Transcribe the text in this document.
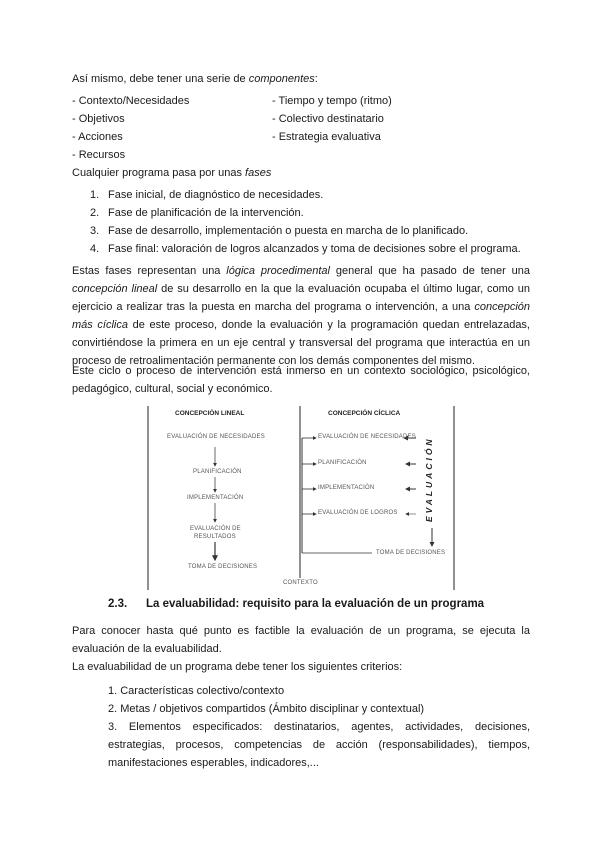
Así mismo, debe tener una serie de componentes:

- Contexto/Necesidades
- Objetivos
- Acciones
- Recursos
- Tiempo y tempo (ritmo)
- Colectivo destinatario
- Estrategia evaluativa

Cualquier programa pasa por unas fases

1. Fase inicial, de diagnóstico de necesidades.
2. Fase de planificación de la intervención.
3. Fase de desarrollo, implementación o puesta en marcha de lo planificado.
4. Fase final: valoración de logros alcanzados y toma de decisiones sobre el programa.

Estas fases representan una lógica procedimental general que ha pasado de tener una concepción lineal de su desarrollo en la que la evaluación ocupaba el último lugar, como un ejercicio a realizar tras la puesta en marcha del programa o intervención, a una concepción más cíclica de este proceso, donde la evaluación y la programación quedan entrelazadas, convirtiéndose la primera en un eje central y transversal del programa que interactúa en un proceso de retroalimentación permanente con los demás componentes del mismo.

Este ciclo o proceso de intervención está inmerso en un contexto sociológico, psicológico, pedagógico, cultural, social y económico.

CONCEPCIÓN LINEAL
EVALUACIÓN DE NECESIDADES
PLANIFICACIÓN
IMPLEMENTACIÓN
EVALUACIÓN DE
RESULTADOS
TOMA DE DECISIONES
CONCEPCIÓN CÍCLICA
EVALUACIÓN DE NECESIDADES
PLANIFICACIÓN
IMPLEMENTACIÓN
EVALUACIÓN DE LOGROS
TOMA DE DECISIONES
EVALUACIÓN
CONTEXTO
2.3. La evaluabilidad: requisito para la evaluación de un programa

Para conocer hasta qué punto es factible la evaluación de un programa, se ejecuta la evaluación de la evaluabilidad.

La evaluabilidad de un programa debe tener los siguientes criterios:

1. Características colectivo/contexto
2. Metas / objetivos compartidos (Ámbito disciplinar y contextual)
3. Elementos especificados: destinatarios, agentes, actividades, decisiones, estrategias, procesos, competencias de acción (responsabilidades), tiempos, manifestaciones esperables, indicadores,...
